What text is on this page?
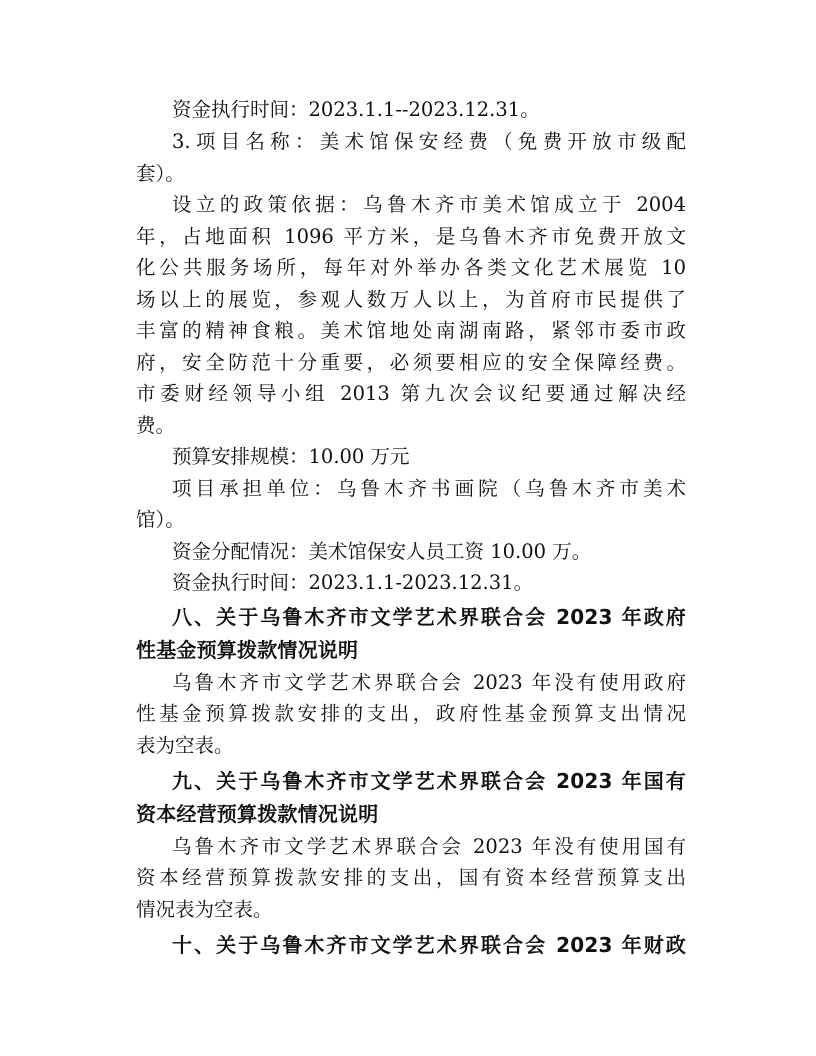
资金执行时间：2023.1.1--2023.12.31。
3.项目名称：美术馆保安经费（免费开放市级配
套）。
设立的政策依据：乌鲁木齐市美术馆成立于 2004
年，占地面积 1096 平方米，是乌鲁木齐市免费开放文
化公共服务场所，每年对外举办各类文化艺术展览 10
场以上的展览，参观人数万人以上，为首府市民提供了
丰富的精神食粮。美术馆地处南湖南路，紧邻市委市政
府，安全防范十分重要，必须要相应的安全保障经费。
市委财经领导小组 2013 第九次会议纪要通过解决经
费。
预算安排规模：10.00 万元
项目承担单位：乌鲁木齐书画院（乌鲁木齐市美术
馆）。
资金分配情况：美术馆保安人员工资 10.00 万。
资金执行时间：2023.1.1-2023.12.31。
八、关于乌鲁木齐市文学艺术界联合会 2023 年政府
性基金预算拨款情况说明
乌鲁木齐市文学艺术界联合会 2023 年没有使用政府
性基金预算拨款安排的支出，政府性基金预算支出情况
表为空表。
九、关于乌鲁木齐市文学艺术界联合会 2023 年国有
资本经营预算拨款情况说明
乌鲁木齐市文学艺术界联合会 2023 年没有使用国有
资本经营预算拨款安排的支出，国有资本经营预算支出
情况表为空表。
十、关于乌鲁木齐市文学艺术界联合会 2023 年财政
